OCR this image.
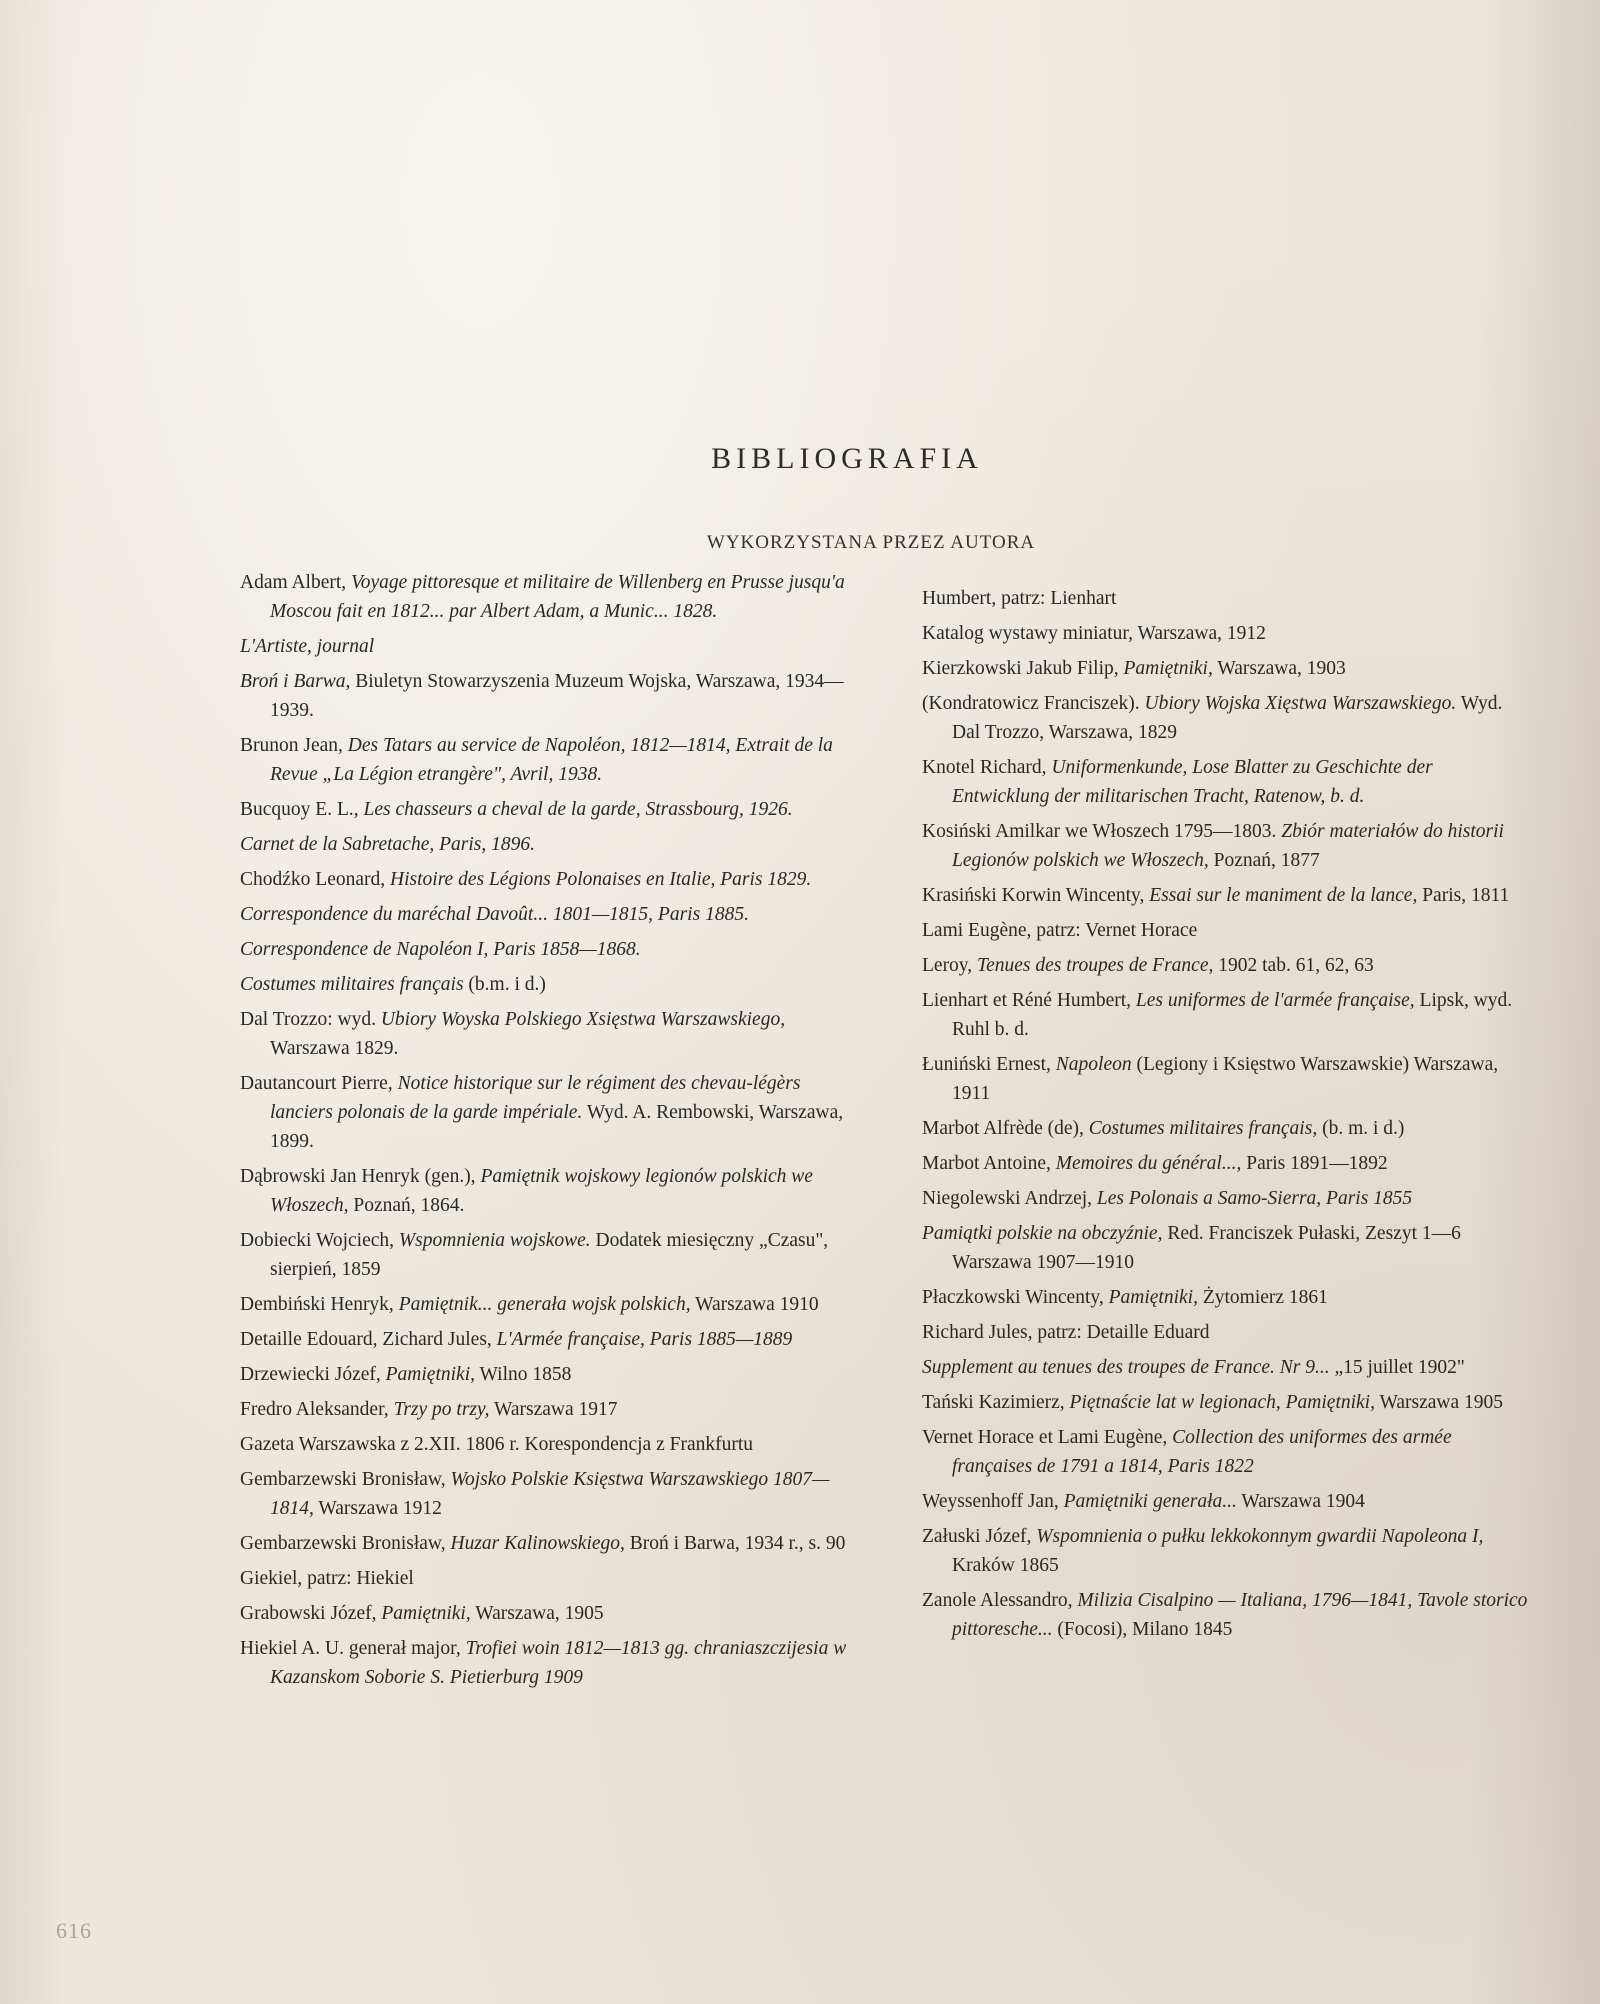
BIBLIOGRAFIA
WYKORZYSTANA PRZEZ AUTORA
Adam Albert, Voyage pittoresque et militaire de Willenberg en Prusse jusqu'a Moscou fait en 1812... par Albert Adam, a Munic... 1828.
L'Artiste, journal
Broń i Barwa, Biuletyn Stowarzyszenia Muzeum Wojska, Warszawa, 1934—1939.
Brunon Jean, Des Tatars au service de Napoléon, 1812—1814, Extrait de la Revue „La Légion etrangère", Avril, 1938.
Bucquoy E. L., Les chasseurs a cheval de la garde, Strassbourg, 1926.
Carnet de la Sabretache, Paris, 1896.
Chodźko Leonard, Histoire des Légions Polonaises en Italie, Paris 1829.
Correspondence du maréchal Davoût... 1801—1815, Paris 1885.
Correspondence de Napoléon I, Paris 1858—1868.
Costumes militaires français (b.m. i d.)
Dal Trozzo: wyd. Ubiory Woyska Polskiego Xsięstwa Warszawskiego, Warszawa 1829.
Dautancourt Pierre, Notice historique sur le régiment des chevau-légèrs lanciers polonais de la garde impériale. Wyd. A. Rembowski, Warszawa, 1899.
Dąbrowski Jan Henryk (gen.), Pamiętnik wojskowy legionów polskich we Włoszech, Poznań, 1864.
Dobiecki Wojciech, Wspomnienia wojskowe. Dodatek miesięczny „Czasu", sierpień, 1859
Dembiński Henryk, Pamiętnik... generała wojsk polskich, Warszawa 1910
Detaille Edouard, Zichard Jules, L'Armée française, Paris 1885—1889
Drzewiecki Józef, Pamiętniki, Wilno 1858
Fredro Aleksander, Trzy po trzy, Warszawa 1917
Gazeta Warszawska z 2.XII. 1806 r. Korespondencja z Frankfurtu
Gembarzewski Bronisław, Wojsko Polskie Księstwa Warszawskiego 1807—1814, Warszawa 1912
Gembarzewski Bronisław, Huzar Kalinowskiego, Broń i Barwa, 1934 r., s. 90
Giekiel, patrz: Hiekiel
Grabowski Józef, Pamiętniki, Warszawa, 1905
Hiekiel A. U. generał major, Trofiei woin 1812—1813 gg. chraniaszczijesia w Kazanskom Soborie S. Pietierburg 1909
Humbert, patrz: Lienhart
Katalog wystawy miniatur, Warszawa, 1912
Kierzkowski Jakub Filip, Pamiętniki, Warszawa, 1903
(Kondratowicz Franciszek). Ubiory Wojska Xięstwa Warszawskiego. Wyd. Dal Trozzo, Warszawa, 1829
Knotel Richard, Uniformenkunde, Lose Blatter zu Geschichte der Entwicklung der militarischen Tracht, Ratenow, b. d.
Kosiński Amilkar we Włoszech 1795—1803. Zbiór materiałów do historii Legionów polskich we Włoszech, Poznań, 1877
Krasiński Korwin Wincenty, Essai sur le maniment de la lance, Paris, 1811
Lami Eugène, patrz: Vernet Horace
Leroy, Tenues des troupes de France, 1902 tab. 61, 62, 63
Lienhart et Réné Humbert, Les uniformes de l'armée française, Lipsk, wyd. Ruhl b. d.
Łuniński Ernest, Napoleon (Legiony i Księstwo Warszawskie) Warszawa, 1911
Marbot Alfrède (de), Costumes militaires français, (b. m. i d.)
Marbot Antoine, Memoires du général..., Paris 1891—1892
Niegolewski Andrzej, Les Polonais a Samo-Sierra, Paris 1855
Pamiątki polskie na obczyźnie, Red. Franciszek Pułaski, Zeszyt 1—6 Warszawa 1907—1910
Płaczkowski Wincenty, Pamiętniki, Żytomierz 1861
Richard Jules, patrz: Detaille Eduard
Supplement au tenues des troupes de France. Nr 9... „15 juillet 1902"
Tański Kazimierz, Piętnaście lat w legionach, Pamiętniki, Warszawa 1905
Vernet Horace et Lami Eugène, Collection des uniformes des armée françaises de 1791 a 1814, Paris 1822
Weyssenhoff Jan, Pamiętniki generała... Warszawa 1904
Załuski Józef, Wspomnienia o pułku lekkokonnym gwardii Napoleona I, Kraków 1865
Zanole Alessandro, Milizia Cisalpino — Italiana, 1796—1841, Tavole storico pittoresche... (Focosi), Milano 1845
616
